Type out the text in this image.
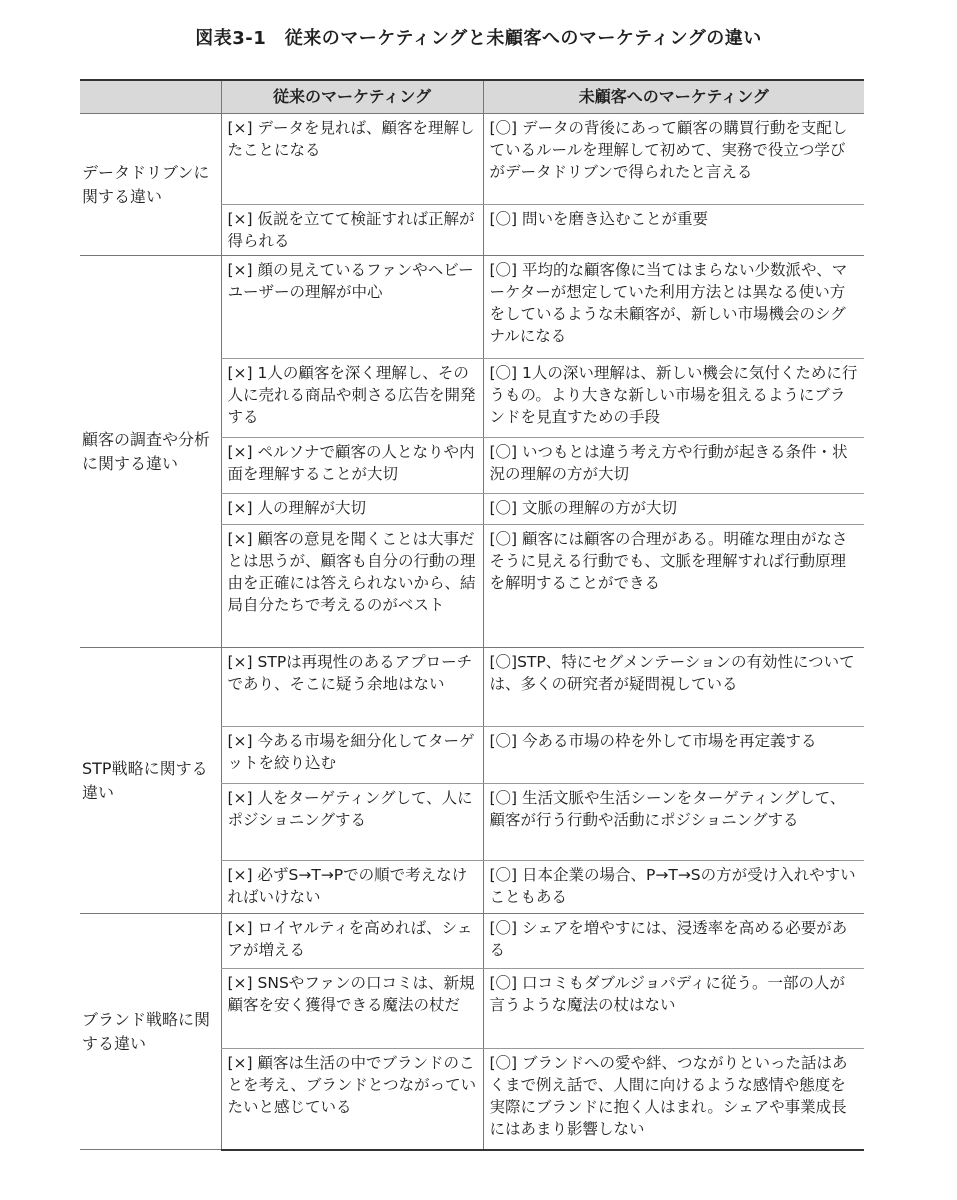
図表3-1　従来のマーケティングと未顧客へのマーケティングの違い
	従来のマーケティング	未顧客へのマーケティング
データドリブンに関する違い	[×] データを見れば、顧客を理解したことになる	[〇] データの背後にあって顧客の購買行動を支配しているルールを理解して初めて、実務で役立つ学びがデータドリブンで得られたと言える
	[×] 仮説を立てて検証すれば正解が得られる	[〇] 問いを磨き込むことが重要
顧客の調査や分析に関する違い	[×] 顔の見えているファンやヘビーユーザーの理解が中心	[〇] 平均的な顧客像に当てはまらない少数派や、マーケターが想定していた利用方法とは異なる使い方をしているような未顧客が、新しい市場機会のシグナルになる
	[×] 1人の顧客を深く理解し、その人に売れる商品や刺さる広告を開発する	[〇] 1人の深い理解は、新しい機会に気付くために行うもの。より大きな新しい市場を狙えるようにブランドを見直すための手段
	[×] ペルソナで顧客の人となりや内面を理解することが大切	[〇] いつもとは違う考え方や行動が起きる条件・状況の理解の方が大切
	[×] 人の理解が大切	[〇] 文脈の理解の方が大切
	[×] 顧客の意見を聞くことは大事だとは思うが、顧客も自分の行動の理由を正確には答えられないから、結局自分たちで考えるのがベスト	[〇] 顧客には顧客の合理がある。明確な理由がなさそうに見える行動でも、文脈を理解すれば行動原理を解明することができる
STP戦略に関する違い	[×] STPは再現性のあるアプローチであり、そこに疑う余地はない	[〇]STP、特にセグメンテーションの有効性については、多くの研究者が疑問視している
	[×] 今ある市場を細分化してターゲットを絞り込む	[〇] 今ある市場の枠を外して市場を再定義する
	[×] 人をターゲティングして、人にポジショニングする	[〇] 生活文脈や生活シーンをターゲティングして、顧客が行う行動や活動にポジショニングする
	[×] 必ずS→T→Pでの順で考えなければいけない	[〇] 日本企業の場合、P→T→Sの方が受け入れやすいこともある
ブランド戦略に関する違い	[×] ロイヤルティを高めれば、シェアが増える	[〇] シェアを増やすには、浸透率を高める必要がある
	[×] SNSやファンの口コミは、新規顧客を安く獲得できる魔法の杖だ	[〇] 口コミもダブルジョパディに従う。一部の人が言うような魔法の杖はない
	[×] 顧客は生活の中でブランドのことを考え、ブランドとつながっていたいと感じている	[〇] ブランドへの愛や絆、つながりといった話はあくまで例え話で、人間に向けるような感情や態度を実際にブランドに抱く人はまれ。シェアや事業成長にはあまり影響しない
